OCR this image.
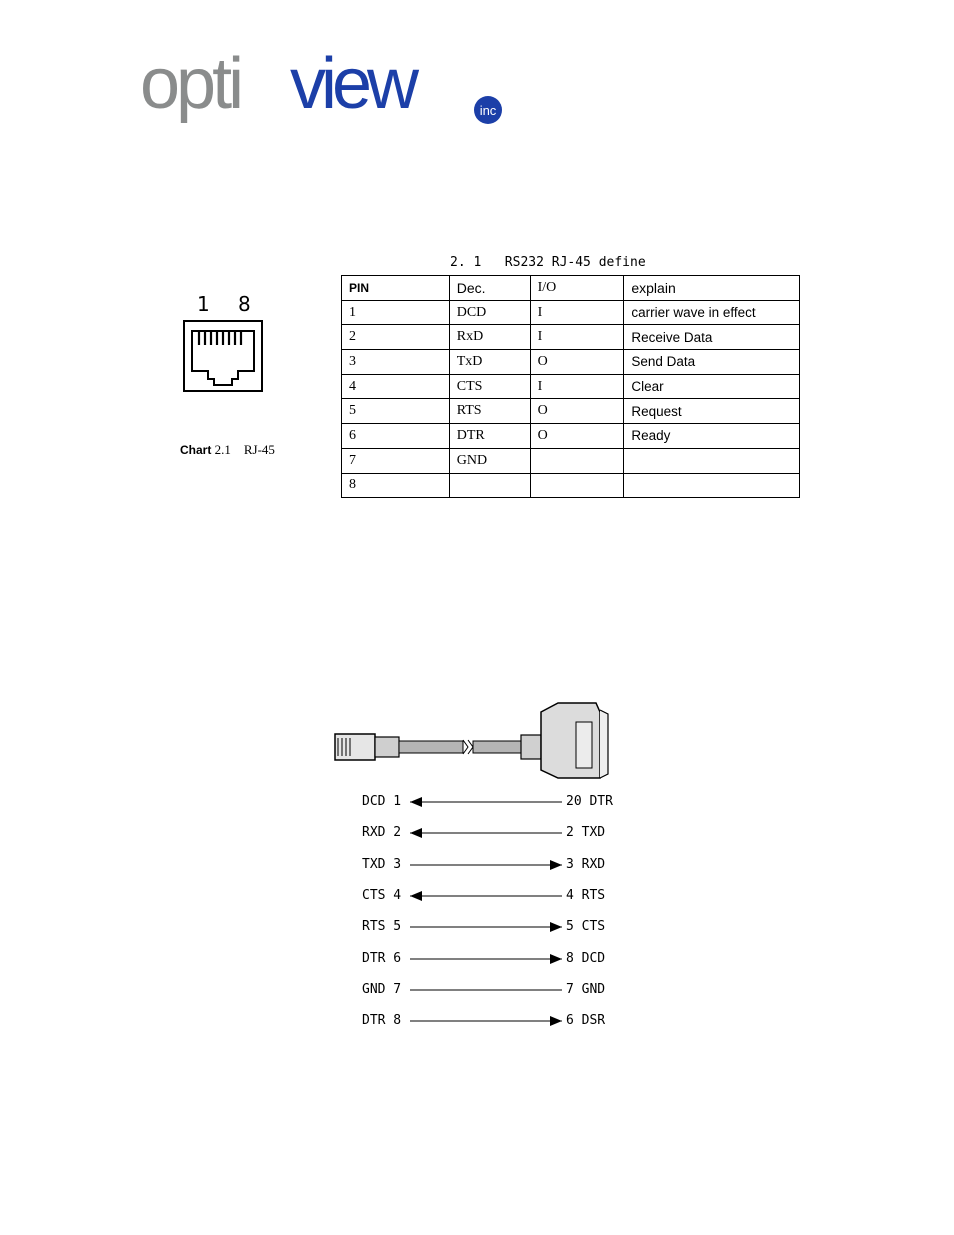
opti view	inc
1 8
Chart 2.1 RJ-45
2. 1   RS232 RJ-45 define
PIN	Dec.	I/O	explain
1	DCD	I	carrier wave in effect
2	RxD	I	Receive Data
3	TxD	O	Send Data
4	CTS	I	Clear
5	RTS	O	Request
6	DTR	O	Ready
7	GND		
8			
DCD 1	20 DTR
RXD 2	2 TXD
TXD 3	3 RXD
CTS 4	4 RTS
RTS 5	5 CTS
DTR 6	8 DCD
GND 7	7 GND
DTR 8	6 DSR
